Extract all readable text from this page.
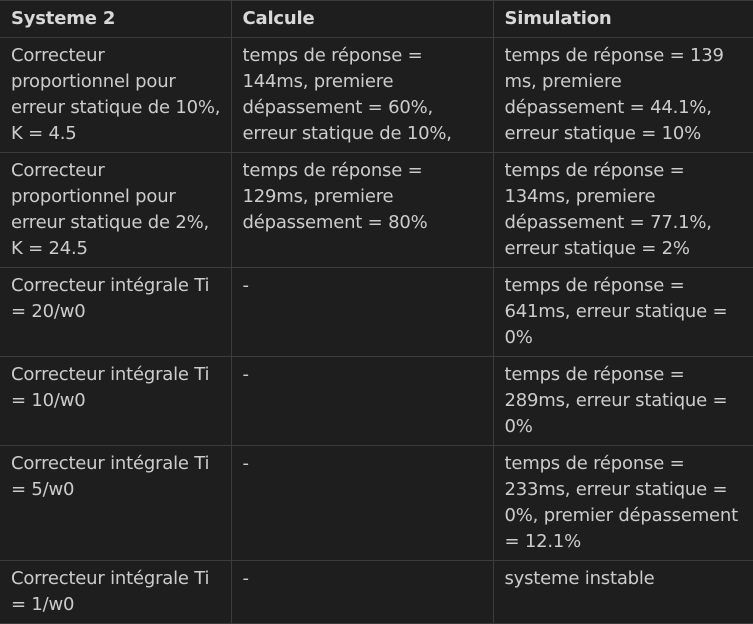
Systeme 2	Calcule	Simulation
Correcteur proportionnel pour erreur statique de 10%, K = 4.5	temps de réponse = 144ms, premiere dépassement = 60%, erreur statique de 10%,	temps de réponse = 139 ms, premiere dépassement = 44.1%, erreur statique = 10%
Correcteur proportionnel pour erreur statique de 2%, K = 24.5	temps de réponse = 129ms, premiere dépassement = 80%	temps de réponse = 134ms, premiere dépassement = 77.1%, erreur statique = 2%
Correcteur intégrale Ti = 20/w0	-	temps de réponse = 641ms, erreur statique = 0%
Correcteur intégrale Ti = 10/w0	-	temps de réponse = 289ms, erreur statique = 0%
Correcteur intégrale Ti = 5/w0	-	temps de réponse = 233ms, erreur statique = 0%, premier dépassement = 12.1%
Correcteur intégrale Ti = 1/w0	-	systeme instable
